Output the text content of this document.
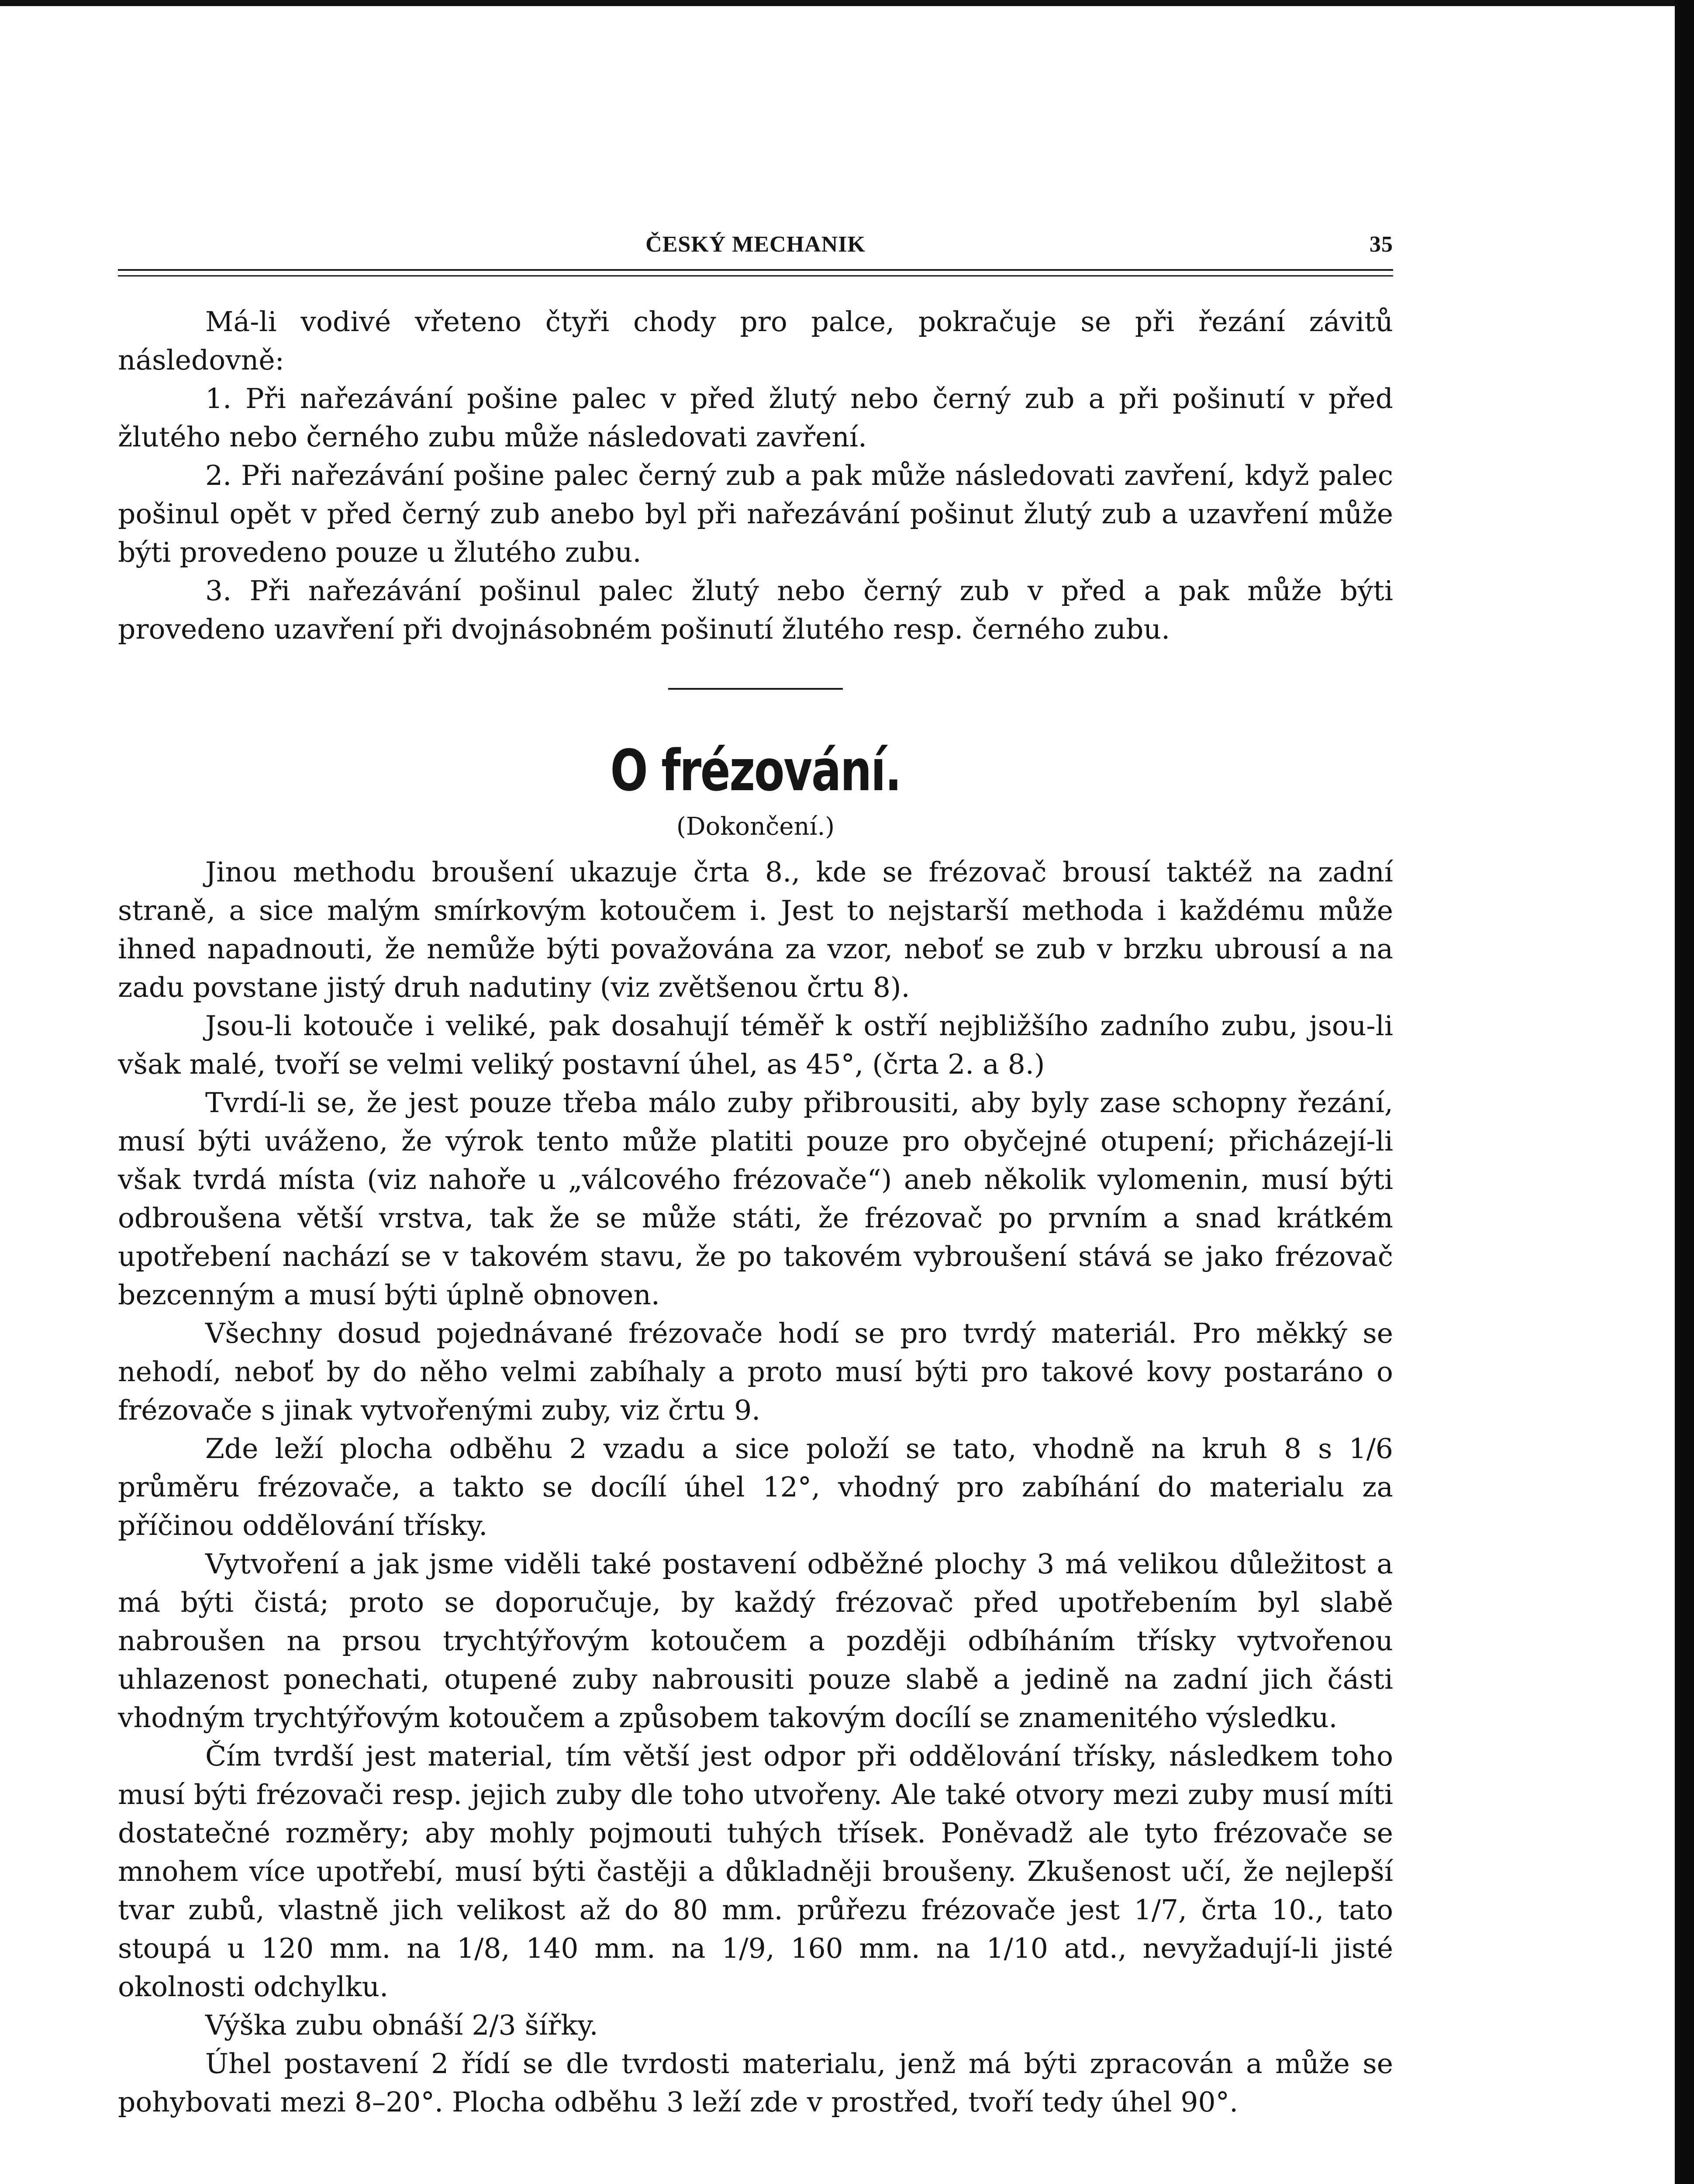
ČESKÝ MECHANIK	35

Má-li vodivé vřeteno čtyři chody pro palce, pokračuje se při řezání závitů následovně:

1. Při nařezávání pošine palec v před žlutý nebo černý zub a při pošinutí v před žlutého nebo černého zubu může následovati zavření.

2. Při nařezávání pošine palec černý zub a pak může následovati zavření, když palec pošinul opět v před černý zub anebo byl při nařezávání pošinut žlutý zub a uzavření může býti provedeno pouze u žlutého zubu.

3. Při nařezávání pošinul palec žlutý nebo černý zub v před a pak může býti provedeno uzavření při dvojnásobném pošinutí žlutého resp. černého zubu.

O frézování.
(Dokončení.)

Jinou methodu broušení ukazuje črta 8., kde se frézovač brousí taktéž na zadní straně, a sice malým smírkovým kotoučem i. Jest to nejstarší methoda i každému může ihned napadnouti, že nemůže býti považována za vzor, neboť se zub v brzku ubrousí a na zadu povstane jistý druh nadutiny (viz zvětšenou črtu 8).

Jsou-li kotouče i veliké, pak dosahují téměř k ostří nejbližšího zadního zubu, jsou-li však malé, tvoří se velmi veliký postavní úhel, as 45°, (črta 2. a 8.)

Tvrdí-li se, že jest pouze třeba málo zuby přibrousiti, aby byly zase schopny řezání, musí býti uváženo, že výrok tento může platiti pouze pro obyčejné otupení; přicházejí-li však tvrdá místa (viz nahoře u „válcového frézovače“) aneb několik vylomenin, musí býti odbroušena větší vrstva, tak že se může státi, že frézovač po prvním a snad krátkém upotřebení nachází se v takovém stavu, že po takovém vybroušení stává se jako frézovač bezcenným a musí býti úplně obnoven.

Všechny dosud pojednávané frézovače hodí se pro tvrdý materiál. Pro měkký se nehodí, neboť by do něho velmi zabíhaly a proto musí býti pro takové kovy postaráno o frézovače s jinak vytvořenými zuby, viz črtu 9.

Zde leží plocha odběhu 2 vzadu a sice položí se tato, vhodně na kruh 8 s 1/6 průměru frézovače, a takto se docílí úhel 12°, vhodný pro zabíhání do materialu za příčinou oddělování třísky.

Vytvoření a jak jsme viděli také postavení odběžné plochy 3 má velikou důležitost a má býti čistá; proto se doporučuje, by každý frézovač před upotřebením byl slabě nabroušen na prsou trychtýřovým kotoučem a později odbíháním třísky vytvořenou uhlazenost ponechati, otupené zuby nabrousiti pouze slabě a jedině na zadní jich části vhodným trychtýřovým kotoučem a způsobem takovým docílí se znamenitého výsledku.

Čím tvrdší jest material, tím větší jest odpor při oddělování třísky, následkem toho musí býti frézovači resp. jejich zuby dle toho utvořeny. Ale také otvory mezi zuby musí míti dostatečné rozměry; aby mohly pojmouti tuhých třísek. Poněvadž ale tyto frézovače se mnohem více upotřebí, musí býti častěji a důkladněji broušeny. Zkušenost učí, že nejlepší tvar zubů, vlastně jich velikost až do 80 mm. průřezu frézovače jest 1/7, črta 10., tato stoupá u 120 mm. na 1/8, 140 mm. na 1/9, 160 mm. na 1/10 atd., nevyžadují-li jisté okolnosti odchylku.

Výška zubu obnáší 2/3 šířky.

Úhel postavení 2 řídí se dle tvrdosti materialu, jenž má býti zpracován a může se pohybovati mezi 8–20°. Plocha odběhu 3 leží zde v prostřed, tvoří tedy úhel 90°.
